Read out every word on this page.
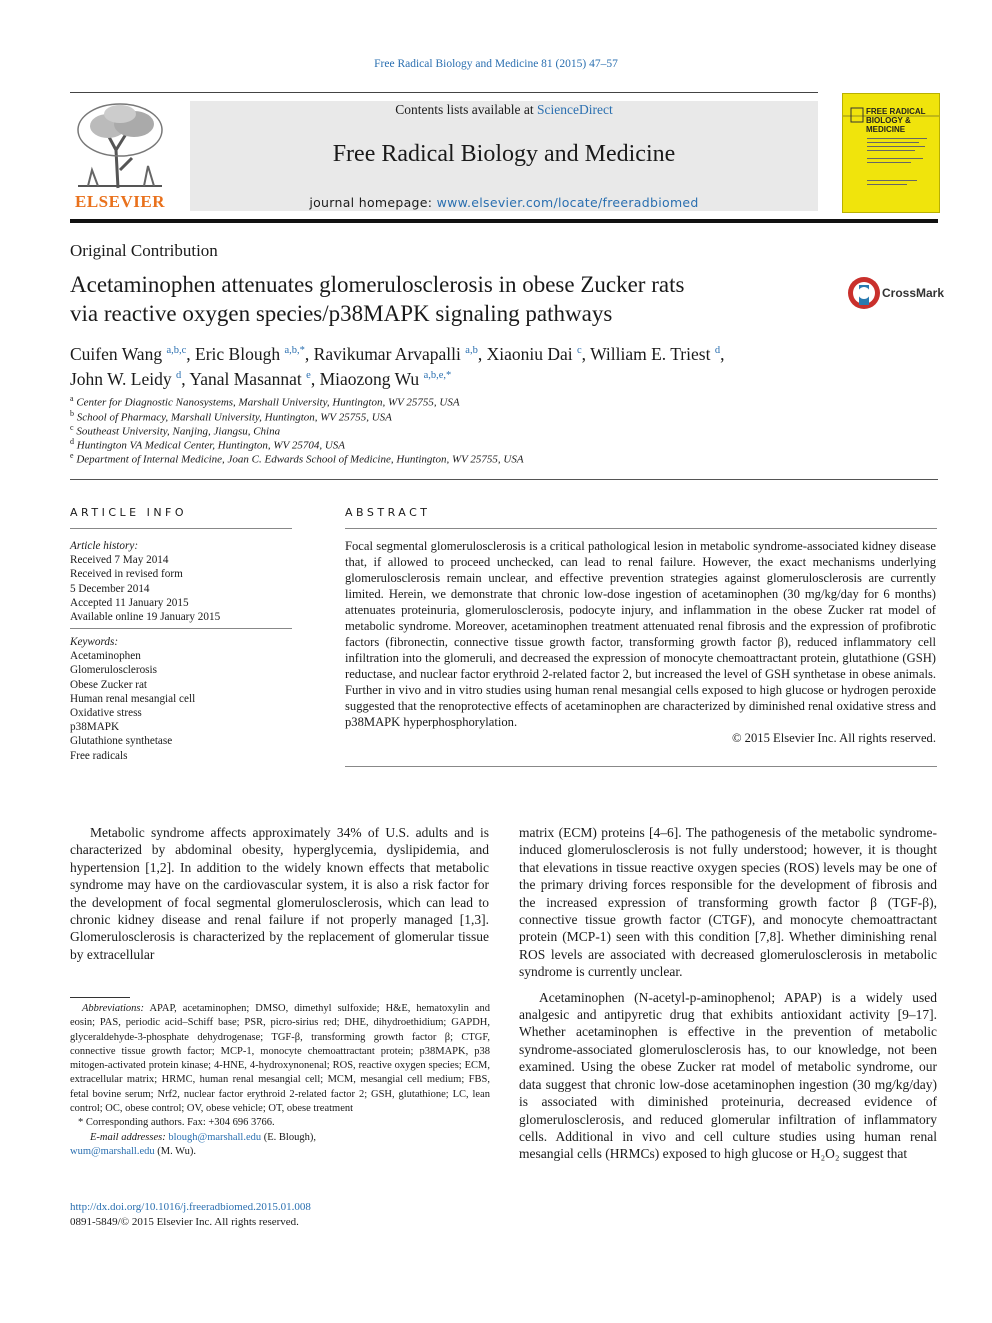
Free Radical Biology and Medicine 81 (2015) 47–57
ELSEVIER
Contents lists available at ScienceDirect
Free Radical Biology and Medicine
journal homepage: www.elsevier.com/locate/freeradbiomed
FREE RADICAL BIOLOGY & MEDICINE
Original Contribution
Acetaminophen attenuates glomerulosclerosis in obese Zucker rats
via reactive oxygen species/p38MAPK signaling pathways
CrossMark
Cuifen Wang $^{a,b,c}$, Eric Blough $^{a,b,*}$, Ravikumar Arvapalli $^{a,b}$, Xiaoniu Dai $^c$, William E. Triest $^d$,
John W. Leidy $^d$, Yanal Masannat $^e$, Miaozong Wu $^{a,b,e,*}$
$^a$ Center for Diagnostic Nanosystems, Marshall University, Huntington, WV 25755, USA
$^b$ School of Pharmacy, Marshall University, Huntington, WV 25755, USA
$^c$ Southeast University, Nanjing, Jiangsu, China
$^d$ Huntington VA Medical Center, Huntington, WV 25704, USA
$^e$ Department of Internal Medicine, Joan C. Edwards School of Medicine, Huntington, WV 25755, USA
ARTICLE INFO
Article history:
Received 7 May 2014
Received in revised form
5 December 2014
Accepted 11 January 2015
Available online 19 January 2015
Keywords:
Acetaminophen
Glomerulosclerosis
Obese Zucker rat
Human renal mesangial cell
Oxidative stress
p38MAPK
Glutathione synthetase
Free radicals
ABSTRACT

Focal segmental glomerulosclerosis is a critical pathological lesion in metabolic syndrome-associated kidney disease that, if allowed to proceed unchecked, can lead to renal failure. However, the exact mechanisms underlying glomerulosclerosis remain unclear, and effective prevention strategies against glomerulosclerosis are currently limited. Herein, we demonstrate that chronic low-dose ingestion of acetaminophen (30 mg/kg/day for 6 months) attenuates proteinuria, glomerulosclerosis, podocyte injury, and inflammation in the obese Zucker rat model of metabolic syndrome. Moreover, acetaminophen treatment attenuated renal fibrosis and the expression of profibrotic factors (fibronectin, connective tissue growth factor, transforming growth factor β), reduced inflammatory cell infiltration into the glomeruli, and decreased the expression of monocyte chemoattractant protein, glutathione (GSH) reductase, and nuclear factor erythroid 2-related factor 2, but increased the level of GSH synthetase in obese animals. Further in vivo and in vitro studies using human renal mesangial cells exposed to high glucose or hydrogen peroxide suggested that the renoprotective effects of acetaminophen are characterized by diminished renal oxidative stress and p38MAPK hyperphosphorylation.

© 2015 Elsevier Inc. All rights reserved.

Metabolic syndrome affects approximately 34% of U.S. adults and is characterized by abdominal obesity, hyperglycemia, dyslipidemia, and hypertension [1,2]. In addition to the widely known effects that metabolic syndrome may have on the cardiovascular system, it is also a risk factor for the development of focal segmental glomerulosclerosis, which can lead to chronic kidney disease and renal failure if not properly managed [1,3]. Glomerulosclerosis is characterized by the replacement of glomerular tissue by extracellular

matrix (ECM) proteins [4–6]. The pathogenesis of the metabolic syndrome-induced glomerulosclerosis is not fully understood; however, it is thought that elevations in tissue reactive oxygen species (ROS) levels may be one of the primary driving forces responsible for the development of fibrosis and the increased expression of transforming growth factor β (TGF-β), connective tissue growth factor (CTGF), and monocyte chemoattractant protein (MCP-1) seen with this condition [7,8]. Whether diminishing renal ROS levels are associated with decreased glomerulosclerosis in metabolic syndrome is currently unclear.

Acetaminophen (N-acetyl-p-aminophenol; APAP) is a widely used analgesic and antipyretic drug that exhibits antioxidant activity [9–17]. Whether acetaminophen is effective in the prevention of metabolic syndrome-associated glomerulosclerosis has, to our knowledge, not been examined. Using the obese Zucker rat model of metabolic syndrome, our data suggest that chronic low-dose acetaminophen ingestion (30 mg/kg/day) is associated with diminished proteinuria, decreased evidence of glomerulosclerosis, and reduced glomerular infiltration of inflammatory cells. Additional in vivo and cell culture studies using human renal mesangial cells (HRMCs) exposed to high glucose or H₂O₂ suggest that

Abbreviations: APAP, acetaminophen; DMSO, dimethyl sulfoxide; H&E, hematoxylin and eosin; PAS, periodic acid–Schiff base; PSR, picro-sirius red; DHE, dihydroethidium; GAPDH, glyceraldehyde-3-phosphate dehydrogenase; TGF-β, transforming growth factor β; CTGF, connective tissue growth factor; MCP-1, monocyte chemoattractant protein; p38MAPK, p38 mitogen-activated protein kinase; 4-HNE, 4-hydroxynonenal; ROS, reactive oxygen species; ECM, extracellular matrix; HRMC, human renal mesangial cell; MCM, mesangial cell medium; FBS, fetal bovine serum; Nrf2, nuclear factor erythroid 2-related factor 2; GSH, glutathione; LC, lean control; OC, obese control; OV, obese vehicle; OT, obese treatment

* Corresponding authors. Fax: +304 696 3766.

E-mail addresses: blough@marshall.edu (E. Blough),

wum@marshall.edu (M. Wu).

http://dx.doi.org/10.1016/j.freeradbiomed.2015.01.008
0891-5849/© 2015 Elsevier Inc. All rights reserved.
